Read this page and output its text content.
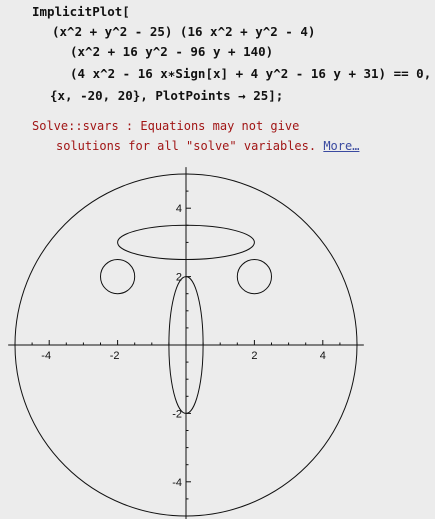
ImplicitPlot[
(x^2 + y^2 - 25) (16 x^2 + y^2 - 4)
(x^2 + 16 y^2 - 96 y + 140)
(4 x^2 - 16 x∗Sign[x] + 4 y^2 - 16 y + 31) == 0,
{x, -20, 20}, PlotPoints → 25];
Solve::svars : Equations may not give
solutions for all "solve" variables. More…
-4	-2	2	4
-4
-2
2
4
